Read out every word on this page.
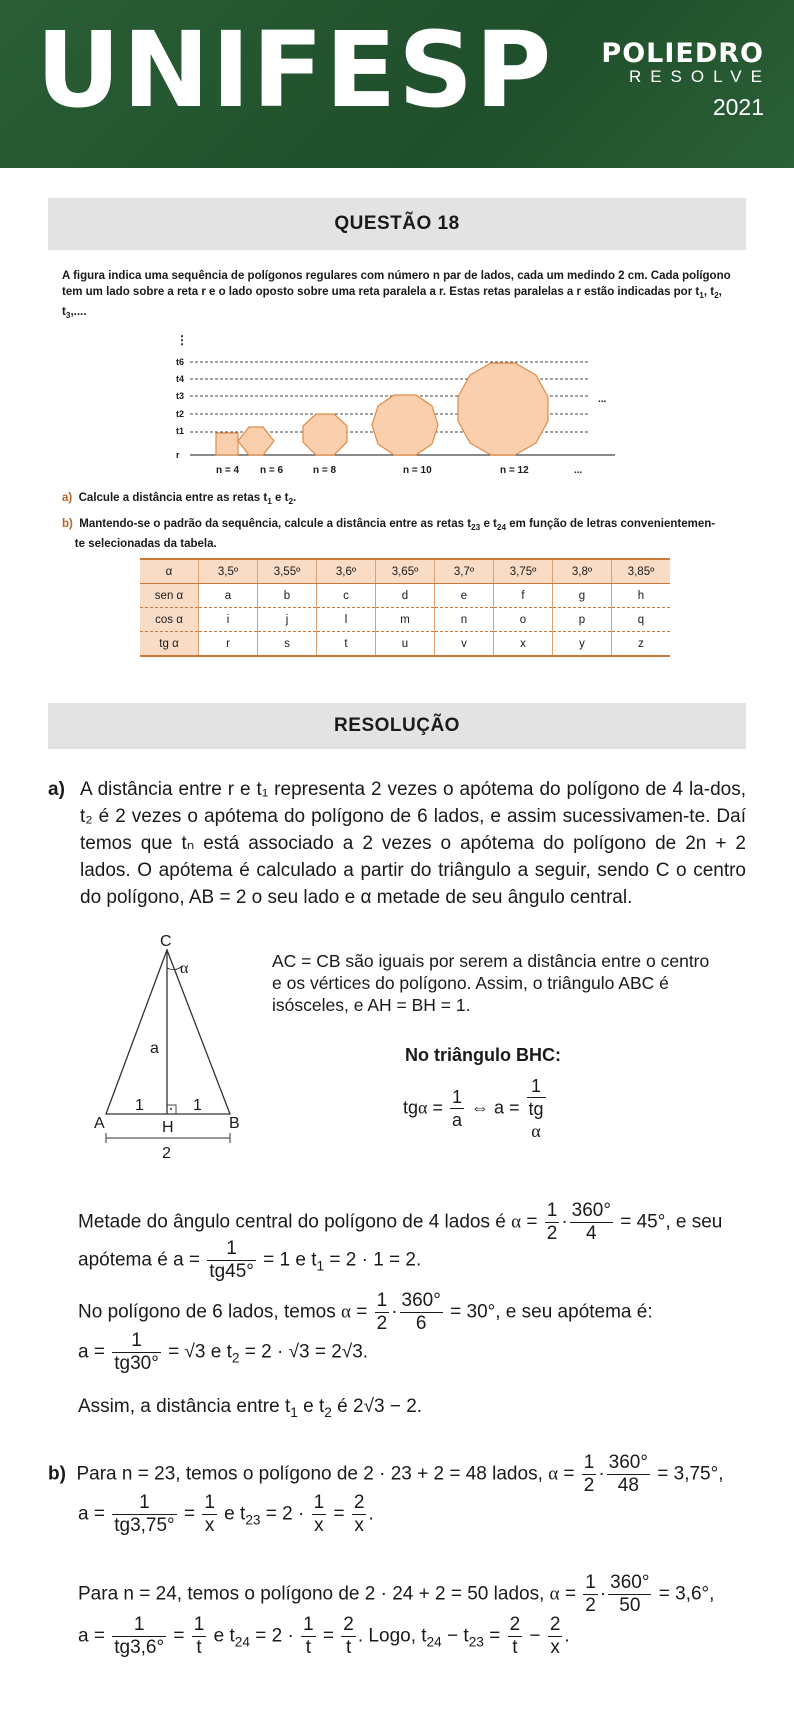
UNIFESP POLIEDRO
RESOLVE
2021
QUESTÃO 18
A figura indica uma sequência de polígonos regulares com número n par de lados, cada um medindo 2 cm. Cada polígono tem um lado sobre a reta r e o lado oposto sobre uma reta paralela a r. Estas retas paralelas a r estão indicadas por $t_1$, $t_2$, $t_3$,....
⋮
t6
t4
t3
t2
t1
r
n = 4 n = 6	n = 8	n = 10	n = 12	...
...
a) Calcule a distância entre as retas $t_1$ e $t_2$.
b) Mantendo-se o padrão da sequência, calcule a distância entre as retas $t_{23}$ e $t_{24}$ em função de letras convenientemen-
te selecionadas da tabela.
α	3,5º	3,55º	3,6º	3,65º	3,7º	3,75º	3,8º	3,85º
sen α	a	b	c	d	e	f	g	h
cos α	i	j	l	m	n	o	p	q
tg α	r	s	t	u	v	x	y	z
RESOLUÇÃO
a) A distância entre r e t₁ representa 2 vezes o apótema do polígono de 4 la-dos, t₂ é 2 vezes o apótema do polígono de 6 lados, e assim sucessivamen-te. Daí temos que tₙ está associado a 2 vezes o apótema do polígono de 2n + 2 lados. O apótema é calculado a partir do triângulo a seguir, sendo C o centro do polígono, AB = 2 o seu lado e α metade de seu ângulo central.
C
α
a
1	1
A	H	B
2
AC = CB são iguais por serem a distância entre o centro e os vértices do polígono. Assim, o triângulo ABC é isósceles, e AH = BH = 1.
No triângulo BHC:
$tg\alpha = \frac{1}{a}$ ⇔ a = 1
tg
α
Metade do ângulo central do polígono de 4 lados é $\alpha = \frac{1}{2} \cdot \frac{360^\circ}{4} = 45^\circ$, e seu
apótema é $a = \frac{1}{tg45^\circ} = 1$ e $t_1 = 2 \cdot 1 = 2$.
No polígono de 6 lados, temos $\alpha = \frac{1}{2} \cdot \frac{360^\circ}{6} = 30^\circ$, e seu apótema é:
$a = \frac{1}{tg30^\circ} = √3$ e $t_2 = 2 \cdot √3 = 2√3$.
Assim, a distância entre $t_1$ e $t_2$ é 2√3 − 2.
b)  Para n = 23, temos o polígono de 2 · 23 + 2 = 48 lados, $\alpha = \frac{1}{2} \cdot \frac{360^\circ}{48} = 3,75^\circ$,
$a = \frac{1}{tg3,75^\circ} = \frac{1}{x}$ e $t_{23} = 2 \cdot \frac{1}{x} = \frac{2}{x}$ .
Para n = 24, temos o polígono de 2 · 24 + 2 = 50 lados, $\alpha = \frac{1}{2} \cdot \frac{360^\circ}{50} = 3,6^\circ$,
$a = \frac{1}{tg3,6^\circ} = \frac{1}{t}$ e $t_{24} = 2 \cdot \frac{1}{t} = \frac{2}{t}$ . Logo, $t_{24} - t_{23} = \frac{2}{t} - \frac{2}{x}$ .
